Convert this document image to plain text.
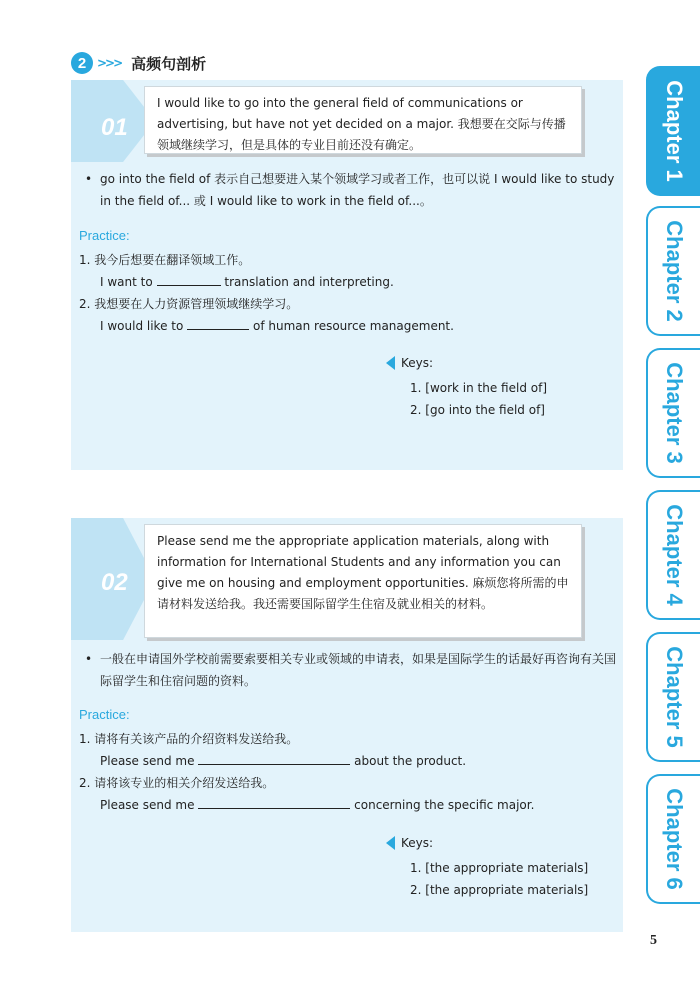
2 >>> 高频句剖析
01
I would like to go into the general field of communications or advertising, but have not yet decided on a major. 我想要在交际与传播领域继续学习，但是具体的专业目前还没有确定。
• go into the field of 表示自己想要进入某个领域学习或者工作，也可以说 I would like to study in the field of... 或 I would like to work in the field of...。
Practice:
1. 我今后想要在翻译领域工作。
I want to	translation and interpreting.
2. 我想要在人力资源管理领域继续学习。
I would like to	of human resource management.
Keys:
1. [work in the field of]
2. [go into the field of]
02
Please send me the appropriate application materials, along with information for International Students and any information you can give me on housing and employment opportunities. 麻烦您将所需的申请材料发送给我。我还需要国际留学生住宿及就业相关的材料。
• 一般在申请国外学校前需要索要相关专业或领域的申请表，如果是国际学生的话最好再咨询有关国际留学生和住宿问题的资料。
Practice:
1. 请将有关该产品的介绍资料发送给我。
Please send me	about the product.
2. 请将该专业的相关介绍发送给我。
Please send me	concerning the specific major.
Keys:
1. [the appropriate materials]
2. [the appropriate materials]
Chapter 1
Chapter 2
Chapter 3
Chapter 4
Chapter 5
Chapter 6
5
